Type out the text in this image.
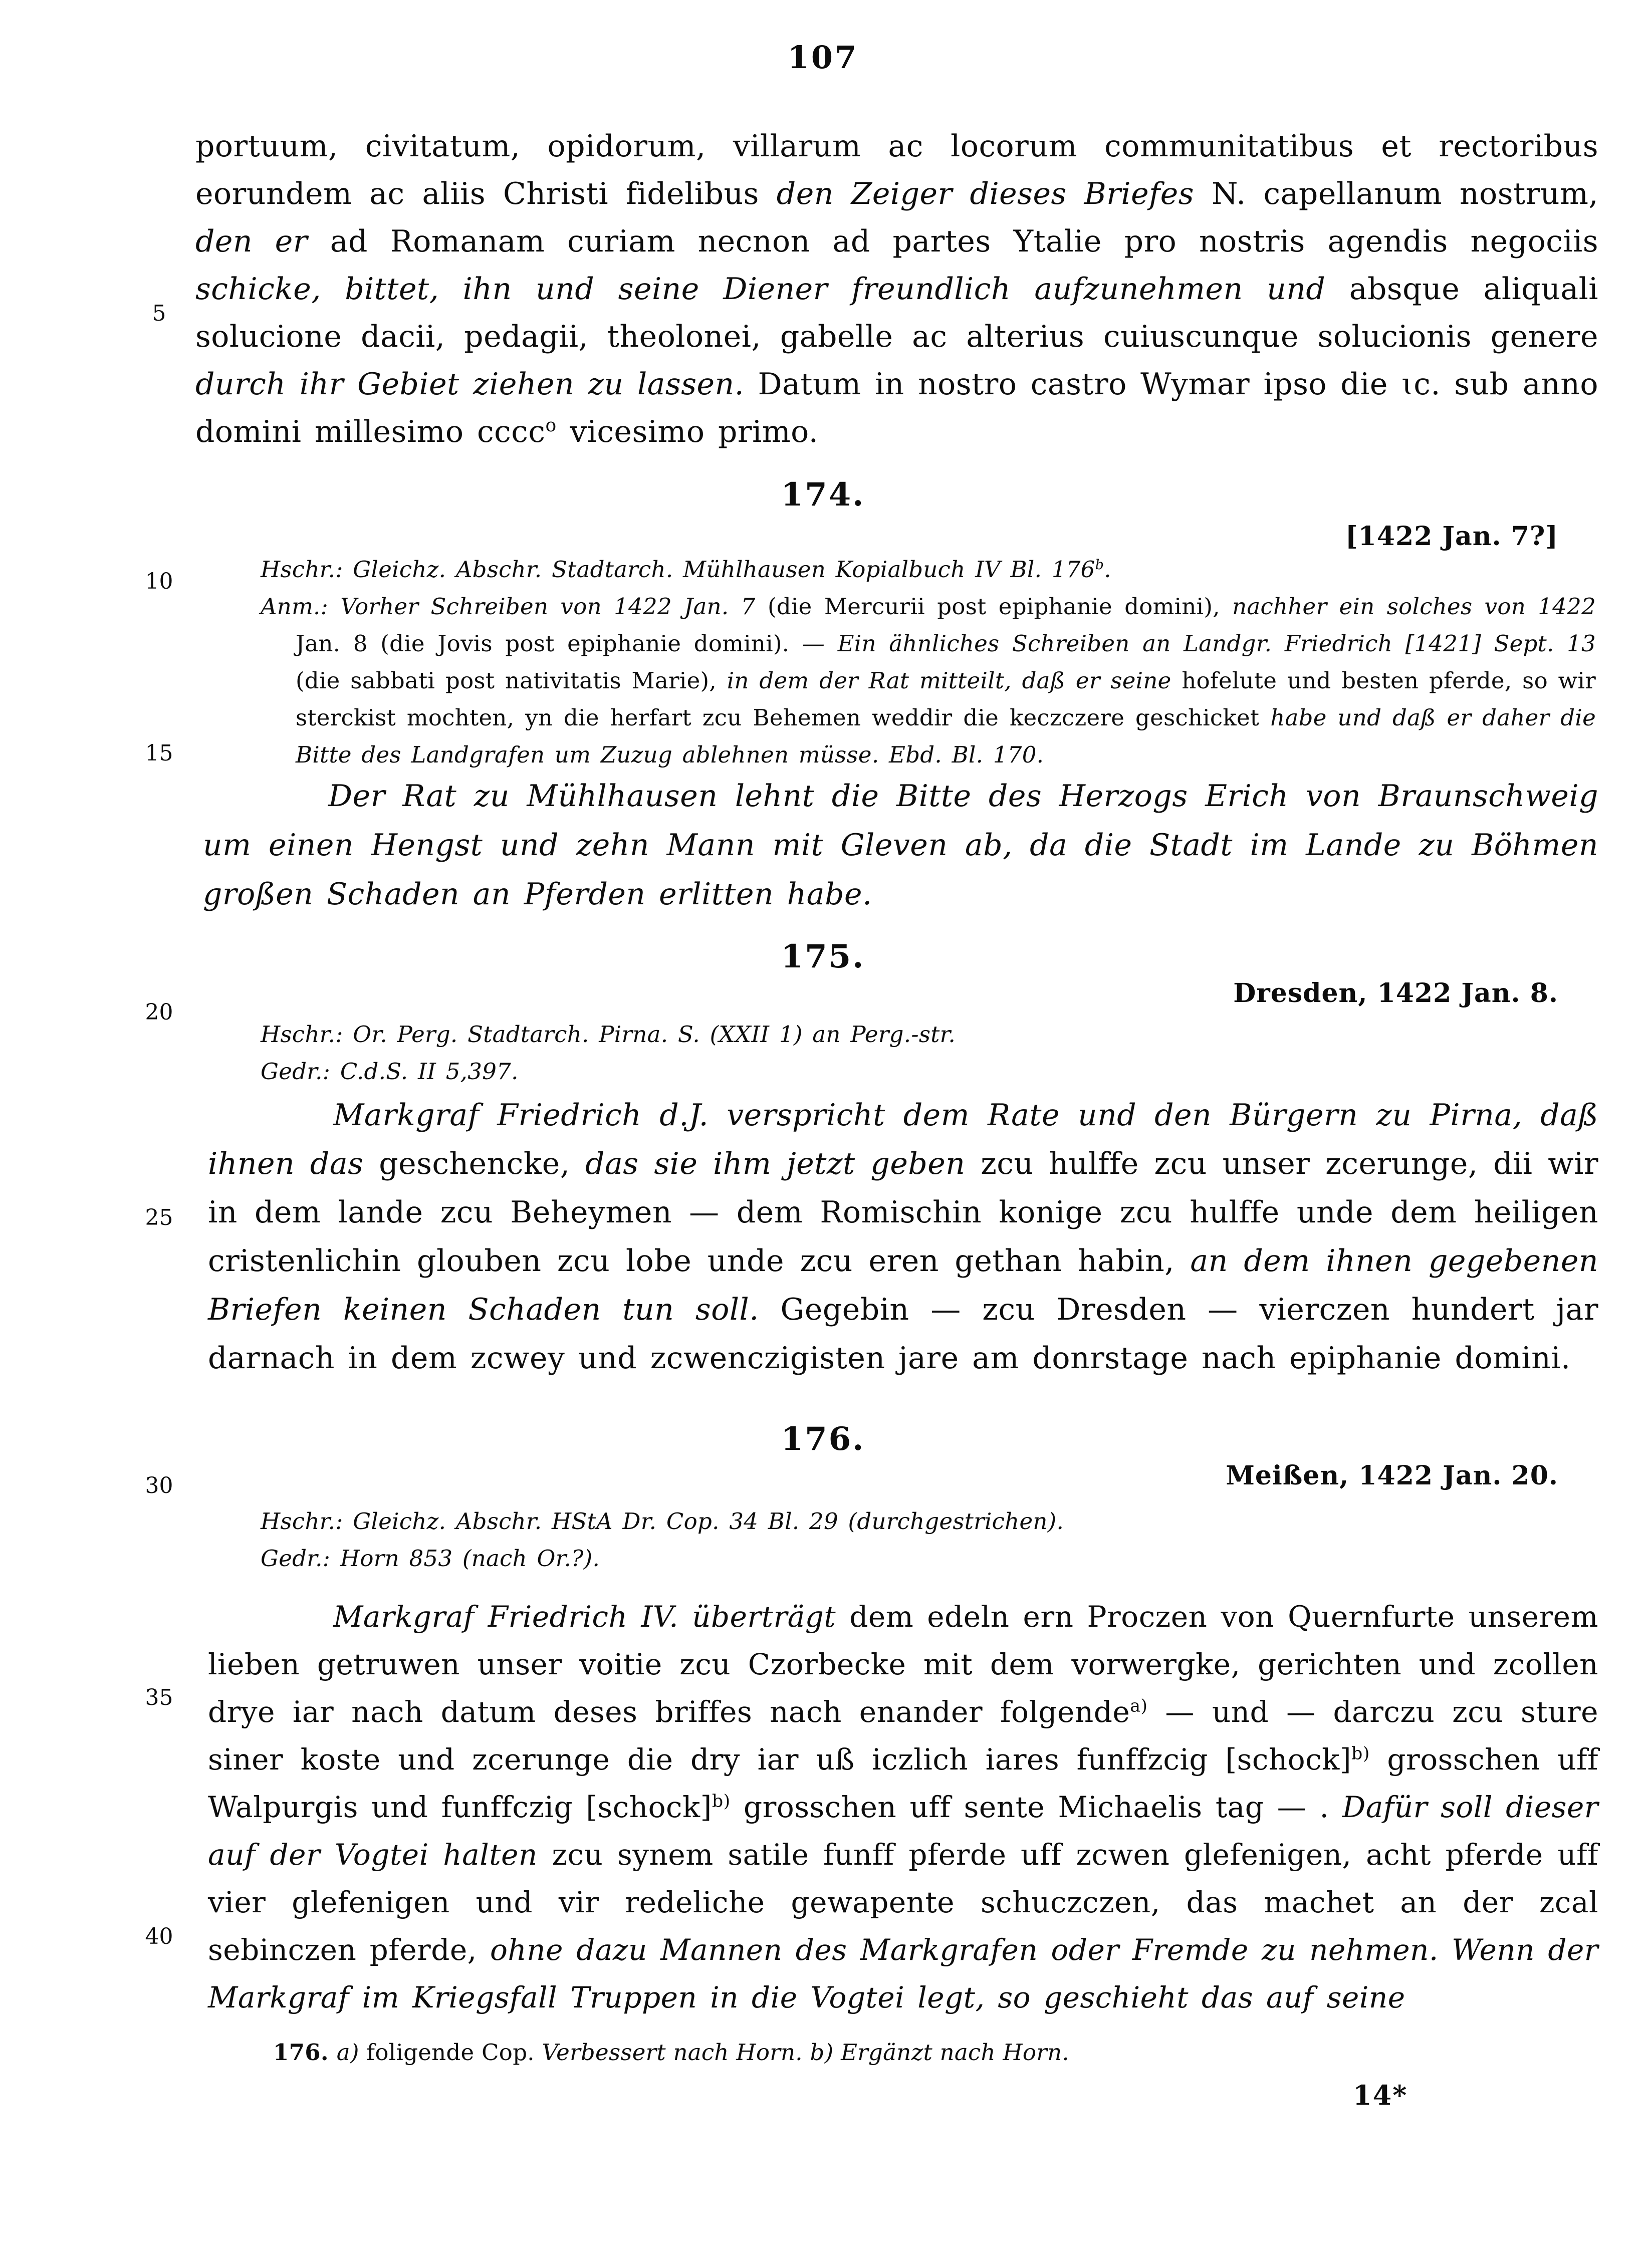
107

portuum, civitatum, opidorum, villarum ac locorum communitatibus et rectoribus eorundem ac aliis Christi fidelibus den Zeiger dieses Briefes N. capellanum nostrum, den er ad Romanam curiam necnon ad partes Ytalie pro nostris agendis negociis schicke, bittet, ihn und seine Diener freundlich aufzunehmen und absque aliquali solucione dacii, pedagii, theolonei, gabelle ac alterius cuiuscunque solucionis genere durch ihr Gebiet ziehen zu lassen. Datum in nostro castro Wymar ipso die ɩc. sub anno domini millesimo cccc$^o$ vicesimo primo.

174.
[1422 Jan. 7?]

Hschr.: Gleichz. Abschr. Stadtarch. Mühlhausen Kopialbuch IV Bl. 176$^b$.

Anm.: Vorher Schreiben von 1422 Jan. 7 (die Mercurii post epiphanie domini), nachher ein solches von 1422 Jan. 8 (die Jovis post epiphanie domini). — Ein ähnliches Schreiben an Landgr. Friedrich [1421] Sept. 13 (die sabbati post nativitatis Marie), in dem der Rat mitteilt, daß er seine hofelute und besten pferde, so wir sterckist mochten, yn die herfart zcu Behemen weddir die keczczere geschicket habe und daß er daher die Bitte des Landgrafen um Zuzug ablehnen müsse. Ebd. Bl. 170.

Der Rat zu Mühlhausen lehnt die Bitte des Herzogs Erich von Braunschweig um einen Hengst und zehn Mann mit Gleven ab, da die Stadt im Lande zu Böhmen großen Schaden an Pferden erlitten habe.

175.
Dresden, 1422 Jan. 8.

Hschr.: Or. Perg. Stadtarch. Pirna. S. (XXII 1) an Perg.-str.

Gedr.: C.d.S. II 5,397.

Markgraf Friedrich d.J. verspricht dem Rate und den Bürgern zu Pirna, daß ihnen das geschencke, das sie ihm jetzt geben zcu hulffe zcu unser zcerunge, dii wir in dem lande zcu Beheymen — dem Romischin konige zcu hulffe unde dem heiligen cristenlichin glouben zcu lobe unde zcu eren gethan habin, an dem ihnen gegebenen Briefen keinen Schaden tun soll. Gegebin — zcu Dresden — vierczen hundert jar darnach in dem zcwey und zcwenczigisten jare am donrstage nach epiphanie domini.

176.
Meißen, 1422 Jan. 20.

Hschr.: Gleichz. Abschr. HStA Dr. Cop. 34 Bl. 29 (durchgestrichen).

Gedr.: Horn 853 (nach Or.?).

Markgraf Friedrich IV. überträgt dem edeln ern Proczen von Quernfurte unserem lieben getruwen unser voitie zcu Czorbecke mit dem vorwergke, gerichten und zcollen drye iar nach datum deses briffes nach enander folgende$^{a)}$ — und — darczu zcu sture siner koste und zcerunge die dry iar uß iczlich iares funffzcig [schock]$^{b)}$ grosschen uff Walpurgis und funffczig [schock]$^{b)}$ grosschen uff sente Michaelis tag — . Dafür soll dieser auf der Vogtei halten zcu synem satile funff pferde uff zcwen glefenigen, acht pferde uff vier glefenigen und vir redeliche gewapente schuczczen, das machet an der zcal sebinczen pferde, ohne dazu Mannen des Markgrafen oder Fremde zu nehmen. Wenn der Markgraf im Kriegsfall Truppen in die Vogtei legt, so geschieht das auf seine

176. a) foligende Cop. Verbessert nach Horn. b) Ergänzt nach Horn.

14*
5
10
15
20
25
30
35
40
